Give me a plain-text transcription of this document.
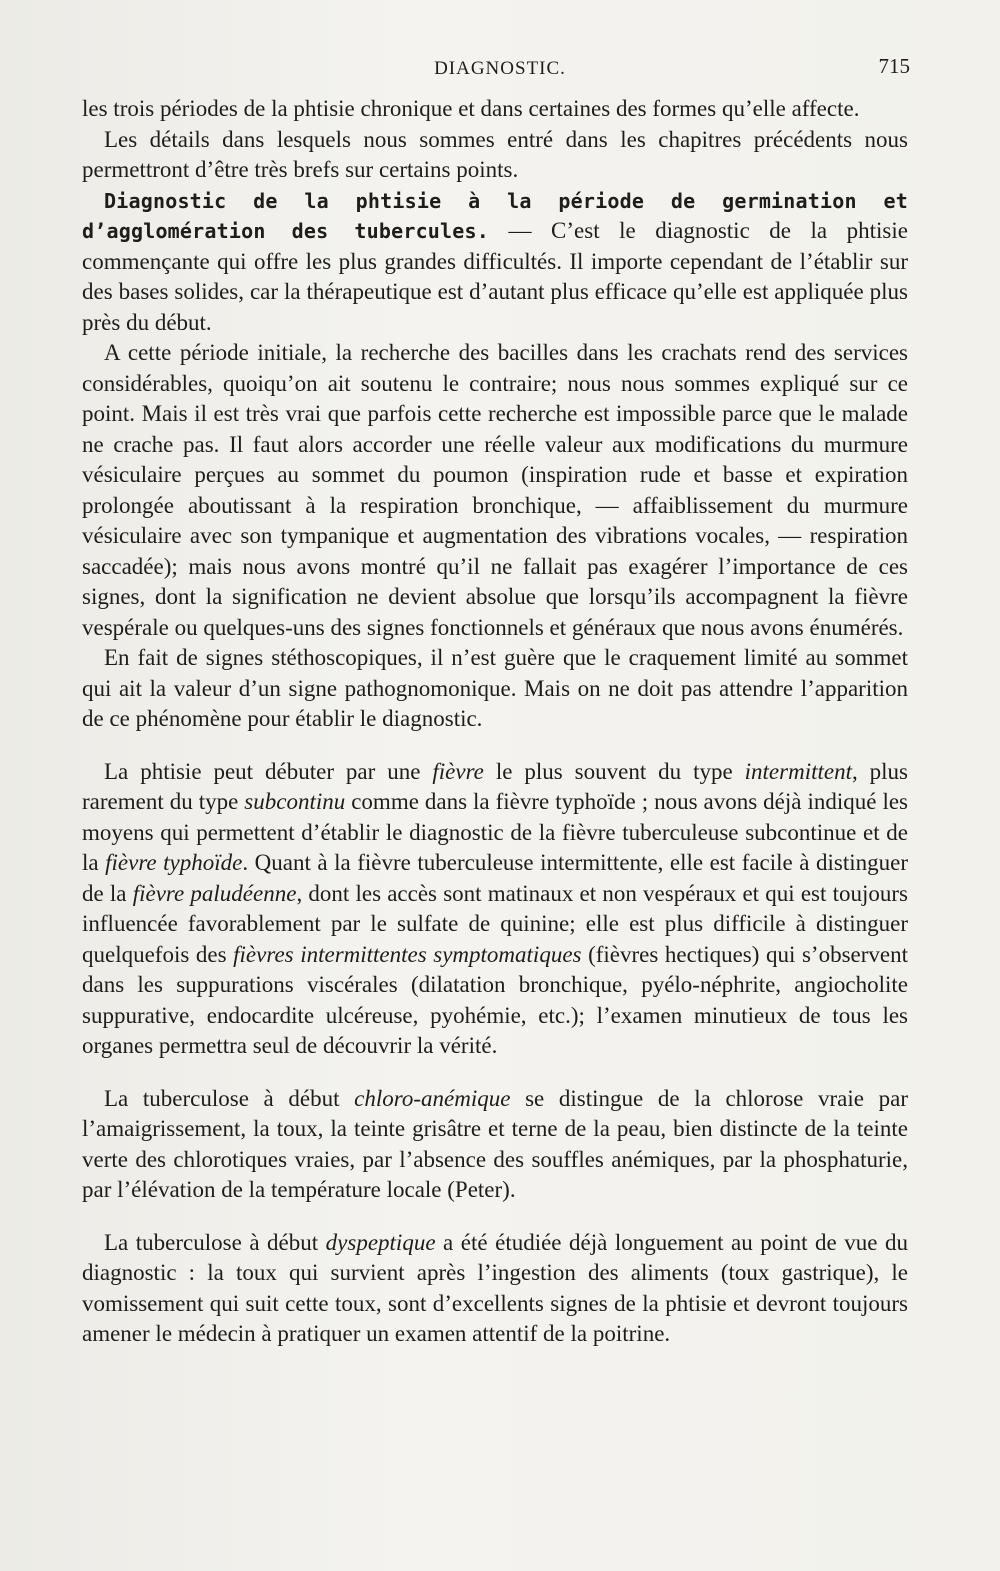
DIAGNOSTIC.	715

les trois périodes de la phtisie chronique et dans certaines des formes qu’elle affecte.

Les détails dans lesquels nous sommes entré dans les chapitres précédents nous permettront d’être très brefs sur certains points.

Diagnostic de la phtisie à la période de germination et d’agglomération des tubercules. — C’est le diagnostic de la phtisie commençante qui offre les plus grandes difficultés. Il importe cependant de l’établir sur des bases solides, car la thérapeutique est d’autant plus efficace qu’elle est appliquée plus près du début.

A cette période initiale, la recherche des bacilles dans les crachats rend des services considérables, quoiqu’on ait soutenu le contraire; nous nous sommes expliqué sur ce point. Mais il est très vrai que parfois cette recherche est impossible parce que le malade ne crache pas. Il faut alors accorder une réelle valeur aux modifications du murmure vésiculaire perçues au sommet du poumon (inspiration rude et basse et expiration prolongée aboutissant à la respiration bronchique, — affaiblissement du murmure vésiculaire avec son tympanique et augmentation des vibrations vocales, — respiration saccadée); mais nous avons montré qu’il ne fallait pas exagérer l’importance de ces signes, dont la signification ne devient absolue que lorsqu’ils accompagnent la fièvre vespérale ou quelques-uns des signes fonctionnels et généraux que nous avons énumérés.

En fait de signes stéthoscopiques, il n’est guère que le craquement limité au sommet qui ait la valeur d’un signe pathognomonique. Mais on ne doit pas attendre l’apparition de ce phénomène pour établir le diagnostic.

La phtisie peut débuter par une fièvre le plus souvent du type intermittent, plus rarement du type subcontinu comme dans la fièvre typhoïde ; nous avons déjà indiqué les moyens qui permettent d’établir le diagnostic de la fièvre tuberculeuse subcontinue et de la fièvre typhoïde. Quant à la fièvre tuberculeuse intermittente, elle est facile à distinguer de la fièvre paludéenne, dont les accès sont matinaux et non vespéraux et qui est toujours influencée favorablement par le sulfate de quinine; elle est plus difficile à distinguer quelquefois des fièvres intermittentes symptomatiques (fièvres hectiques) qui s’observent dans les suppurations viscérales (dilatation bronchique, pyélo-néphrite, angiocholite suppurative, endocardite ulcéreuse, pyohémie, etc.); l’examen minutieux de tous les organes permettra seul de découvrir la vérité.

La tuberculose à début chloro-anémique se distingue de la chlorose vraie par l’amaigrissement, la toux, la teinte grisâtre et terne de la peau, bien distincte de la teinte verte des chlorotiques vraies, par l’absence des souffles anémiques, par la phosphaturie, par l’élévation de la température locale (Peter).

La tuberculose à début dyspeptique a été étudiée déjà longuement au point de vue du diagnostic : la toux qui survient après l’ingestion des aliments (toux gastrique), le vomissement qui suit cette toux, sont d’excellents signes de la phtisie et devront toujours amener le médecin à pratiquer un examen attentif de la poitrine.
